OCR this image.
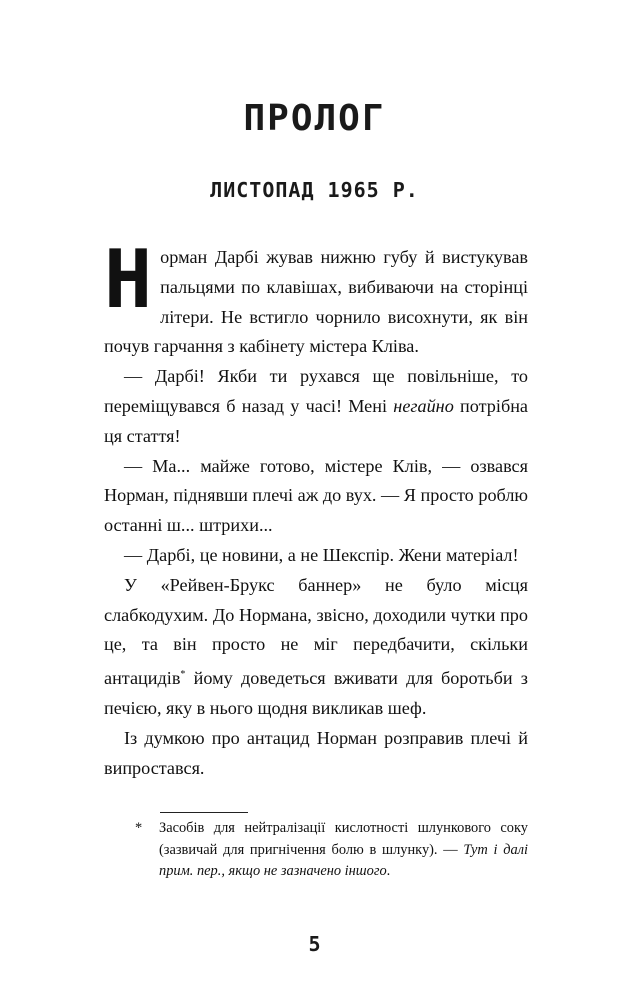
ПРОЛОГ
ЛИСТОПАД 1965 Р.

Норман Дарбі жував нижню губу й вистукував пальцями по клавішах, вибиваючи на сторінці літери. Не встигло чорнило висохнути, як він почув гарчання з кабінету містера Кліва.

— Дарбі! Якби ти рухався ще повільніше, то переміщувався б назад у часі! Мені негайно потрібна ця стаття!

— Ма... майже готово, містере Клів, — озвався Норман, піднявши плечі аж до вух. — Я просто роблю останні ш... штрихи...

— Дарбі, це новини, а не Шекспір. Жени матеріал!

У «Рейвен-Брукс баннер» не було місця слабкодухим. До Нормана, звісно, доходили чутки про це, та він просто не міг передбачити, скільки антацидів* йому доведеться вживати для боротьби з печією, яку в нього щодня викликав шеф.

Із думкою про антацид Норман розправив плечі й випростався.

* Засобів для нейтралізації кислотності шлункового соку (зазвичай для пригнічення болю в шлунку). — Тут і далі прим. пер., якщо не зазначено іншого.
5
